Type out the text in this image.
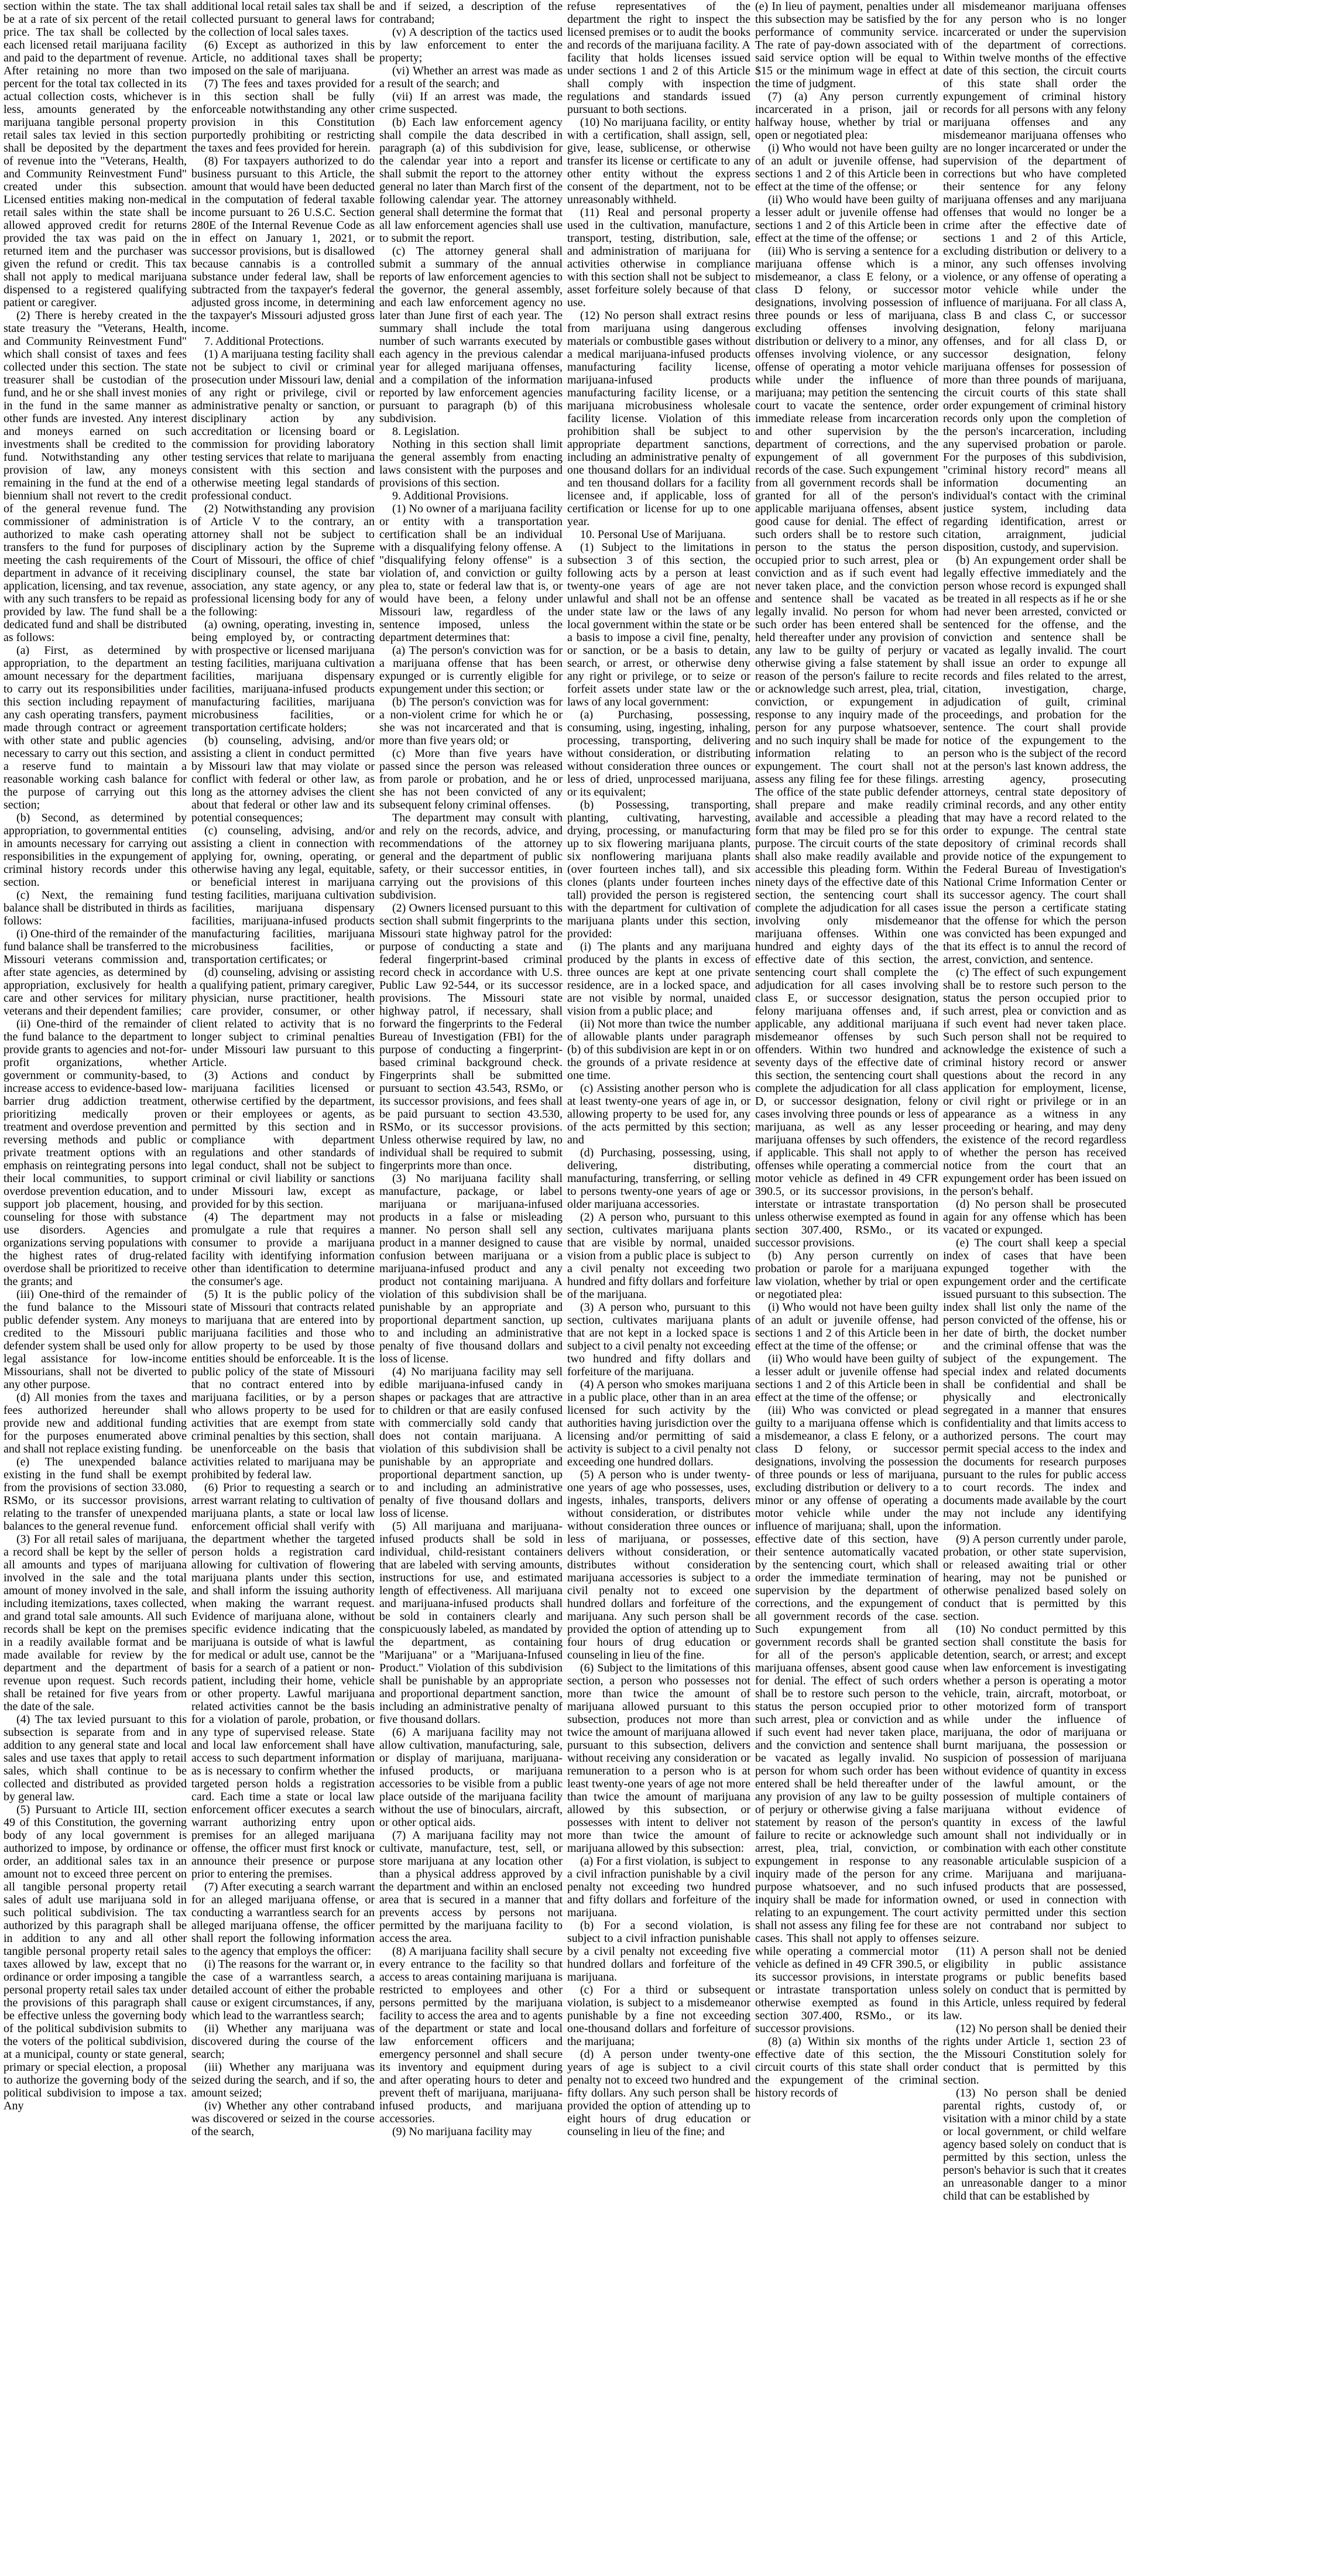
section within the state. The tax shall be at a rate of six percent of the retail price. The tax shall be collected by each licensed retail marijuana facility and paid to the department of revenue. After retaining no more than two percent for the total tax collected in its actual collection costs, whichever is less, amounts generated by the marijuana tangible personal property retail sales tax levied in this section shall be deposited by the department of revenue into the "Veterans, Health, and Community Reinvestment Fund" created under this subsection. Licensed entities making non-medical retail sales within the state shall be allowed approved credit for returns provided the tax was paid on the returned item and the purchaser was given the refund or credit. This tax shall not apply to medical marijuana dispensed to a registered qualifying patient or caregiver.

(2) There is hereby created in the state treasury the "Veterans, Health, and Community Reinvestment Fund" which shall consist of taxes and fees collected under this section. The state treasurer shall be custodian of the fund, and he or she shall invest monies in the fund in the same manner as other funds are invested. Any interest and moneys earned on such investments shall be credited to the fund. Notwithstanding any other provision of law, any moneys remaining in the fund at the end of a biennium shall not revert to the credit of the general revenue fund. The commissioner of administration is authorized to make cash operating transfers to the fund for purposes of meeting the cash requirements of the department in advance of it receiving application, licensing, and tax revenue, with any such transfers to be repaid as provided by law. The fund shall be a dedicated fund and shall be distributed as follows:

(a) First, as determined by appropriation, to the department an amount necessary for the department to carry out its responsibilities under this section including repayment of any cash operating transfers, payment made through contract or agreement with other state and public agencies necessary to carry out this section, and a reserve fund to maintain a reasonable working cash balance for the purpose of carrying out this section;

(b) Second, as determined by appropriation, to governmental entities in amounts necessary for carrying out responsibilities in the expungement of criminal history records under this section.

(c) Next, the remaining fund balance shall be distributed in thirds as follows:

(i) One-third of the remainder of the fund balance shall be transferred to the Missouri veterans commission and, after state agencies, as determined by appropriation, exclusively for health care and other services for military veterans and their dependent families;

(ii) One-third of the remainder of the fund balance to the department to provide grants to agencies and not-for-profit organizations, whether government or community-based, to increase access to evidence-based low-barrier drug addiction treatment, prioritizing medically proven treatment and overdose prevention and reversing methods and public or private treatment options with an emphasis on reintegrating persons into their local communities, to support overdose prevention education, and to support job placement, housing, and counseling for those with substance use disorders. Agencies and organizations serving populations with the highest rates of drug-related overdose shall be prioritized to receive the grants; and

(iii) One-third of the remainder of the fund balance to the Missouri public defender system. Any moneys credited to the Missouri public defender system shall be used only for legal assistance for low-income Missourians, shall not be diverted to any other purpose.

(d) All monies from the taxes and fees authorized hereunder shall provide new and additional funding for the purposes enumerated above and shall not replace existing funding.

(e) The unexpended balance existing in the fund shall be exempt from the provisions of section 33.080, RSMo, or its successor provisions, relating to the transfer of unexpended balances to the general revenue fund.

(3) For all retail sales of marijuana, a record shall be kept by the seller of all amounts and types of marijuana involved in the sale and the total amount of money involved in the sale, including itemizations, taxes collected, and grand total sale amounts. All such records shall be kept on the premises in a readily available format and be made available for review by the department and the department of revenue upon request. Such records shall be retained for five years from the date of the sale.

(4) The tax levied pursuant to this subsection is separate from and in addition to any general state and local sales and use taxes that apply to retail sales, which shall continue to be collected and distributed as provided by general law.

(5) Pursuant to Article III, section 49 of this Constitution, the governing body of any local government is authorized to impose, by ordinance or order, an additional sales tax in an amount not to exceed three percent on all tangible personal property retail sales of adult use marijuana sold in such political subdivision. The tax authorized by this paragraph shall be in addition to any and all other tangible personal property retail sales taxes allowed by law, except that no ordinance or order imposing a tangible personal property retail sales tax under the provisions of this paragraph shall be effective unless the governing body of the political subdivision submits to the voters of the political subdivision, at a municipal, county or state general, primary or special election, a proposal to authorize the governing body of the political subdivision to impose a tax. Any

additional local retail sales tax shall be collected pursuant to general laws for the collection of local sales taxes.

(6) Except as authorized in this Article, no additional taxes shall be imposed on the sale of marijuana.

(7) The fees and taxes provided for in this section shall be fully enforceable notwithstanding any other provision in this Constitution purportedly prohibiting or restricting the taxes and fees provided for herein.

(8) For taxpayers authorized to do business pursuant to this Article, the amount that would have been deducted in the computation of federal taxable income pursuant to 26 U.S.C. Section 280E of the Internal Revenue Code as in effect on January 1, 2021, or successor provisions, but is disallowed because cannabis is a controlled substance under federal law, shall be subtracted from the taxpayer's federal adjusted gross income, in determining the taxpayer's Missouri adjusted gross income.

7. Additional Protections.

(1) A marijuana testing facility shall not be subject to civil or criminal prosecution under Missouri law, denial of any right or privilege, civil or administrative penalty or sanction, or disciplinary action by any accreditation or licensing board or commission for providing laboratory testing services that relate to marijuana consistent with this section and otherwise meeting legal standards of professional conduct.

(2) Notwithstanding any provision of Article V to the contrary, an attorney shall not be subject to disciplinary action by the Supreme Court of Missouri, the office of chief disciplinary counsel, the state bar association, any state agency, or any professional licensing body for any of the following:

(a) owning, operating, investing in, being employed by, or contracting with prospective or licensed marijuana testing facilities, marijuana cultivation facilities, marijuana dispensary facilities, marijuana-infused products manufacturing facilities, marijuana microbusiness facilities, or transportation certificate holders;

(b) counseling, advising, and/or assisting a client in conduct permitted by Missouri law that may violate or conflict with federal or other law, as long as the attorney advises the client about that federal or other law and its potential consequences;

(c) counseling, advising, and/or assisting a client in connection with applying for, owning, operating, or otherwise having any legal, equitable, or beneficial interest in marijuana testing facilities, marijuana cultivation facilities, marijuana dispensary facilities, marijuana-infused products manufacturing facilities, marijuana microbusiness facilities, or transportation certificates; or

(d) counseling, advising or assisting a qualifying patient, primary caregiver, physician, nurse practitioner, health care provider, consumer, or other client related to activity that is no longer subject to criminal penalties under Missouri law pursuant to this Article.

(3) Actions and conduct by marijuana facilities licensed or otherwise certified by the department, or their employees or agents, as permitted by this section and in compliance with department regulations and other standards of legal conduct, shall not be subject to criminal or civil liability or sanctions under Missouri law, except as provided for by this section.

(4) The department may not promulgate a rule that requires a consumer to provide a marijuana facility with identifying information other than identification to determine the consumer's age.

(5) It is the public policy of the state of Missouri that contracts related to marijuana that are entered into by marijuana facilities and those who allow property to be used by those entities should be enforceable. It is the public policy of the state of Missouri that no contract entered into by marijuana facilities, or by a person who allows property to be used for activities that are exempt from state criminal penalties by this section, shall be unenforceable on the basis that activities related to marijuana may be prohibited by federal law.

(6) Prior to requesting a search or arrest warrant relating to cultivation of marijuana plants, a state or local law enforcement official shall verify with the department whether the targeted person holds a registration card allowing for cultivation of flowering marijuana plants under this section, and shall inform the issuing authority when making the warrant request. Evidence of marijuana alone, without specific evidence indicating that the marijuana is outside of what is lawful for medical or adult use, cannot be the basis for a search of a patient or non-patient, including their home, vehicle or other property. Lawful marijuana related activities cannot be the basis for a violation of parole, probation, or any type of supervised release. State and local law enforcement shall have access to such department information as is necessary to confirm whether the targeted person holds a registration card. Each time a state or local law enforcement officer executes a search warrant authorizing entry upon premises for an alleged marijuana offense, the officer must first knock or announce their presence or purpose prior to entering the premises.

(7) After executing a search warrant for an alleged marijuana offense, or conducting a warrantless search for an alleged marijuana offense, the officer shall report the following information to the agency that employs the officer:

(i) The reasons for the warrant or, in the case of a warrantless search, a detailed account of either the probable cause or exigent circumstances, if any, which lead to the warrantless search;

(ii) Whether any marijuana was discovered during the course of the search;

(iii) Whether any marijuana was seized during the search, and if so, the amount seized;

(iv) Whether any other contraband was discovered or seized in the course of the search,

and if seized, a description of the contraband;

(v) A description of the tactics used by law enforcement to enter the property;

(vi) Whether an arrest was made as a result of the search; and

(vii) If an arrest was made, the crime suspected.

(b) Each law enforcement agency shall compile the data described in paragraph (a) of this subdivision for the calendar year into a report and shall submit the report to the attorney general no later than March first of the following calendar year. The attorney general shall determine the format that all law enforcement agencies shall use to submit the report.

(c) The attorney general shall submit a summary of the annual reports of law enforcement agencies to the governor, the general assembly, and each law enforcement agency no later than June first of each year. The summary shall include the total number of such warrants executed by each agency in the previous calendar year for alleged marijuana offenses, and a compilation of the information reported by law enforcement agencies pursuant to paragraph (b) of this subdivision.

8. Legislation.

Nothing in this section shall limit the general assembly from enacting laws consistent with the purposes and provisions of this section.

9. Additional Provisions.

(1) No owner of a marijuana facility or entity with a transportation certification shall be an individual with a disqualifying felony offense. A "disqualifying felony offense" is a violation of, and conviction or guilty plea to, state or federal law that is, or would have been, a felony under Missouri law, regardless of the sentence imposed, unless the department determines that:

(a) The person's conviction was for a marijuana offense that has been expunged or is currently eligible for expungement under this section; or

(b) The person's conviction was for a non-violent crime for which he or she was not incarcerated and that is more than five years old; or

(c) More than five years have passed since the person was released from parole or probation, and he or she has not been convicted of any subsequent felony criminal offenses.

The department may consult with and rely on the records, advice, and recommendations of the attorney general and the department of public safety, or their successor entities, in carrying out the provisions of this subdivision.

(2) Owners licensed pursuant to this section shall submit fingerprints to the Missouri state highway patrol for the purpose of conducting a state and federal fingerprint-based criminal record check in accordance with U.S. Public Law 92-544, or its successor provisions. The Missouri state highway patrol, if necessary, shall forward the fingerprints to the Federal Bureau of Investigation (FBI) for the purpose of conducting a fingerprint-based criminal background check. Fingerprints shall be submitted pursuant to section 43.543, RSMo, or its successor provisions, and fees shall be paid pursuant to section 43.530, RSMo, or its successor provisions. Unless otherwise required by law, no individual shall be required to submit fingerprints more than once.

(3) No marijuana facility shall manufacture, package, or label marijuana or marijuana-infused products in a false or misleading manner. No person shall sell any product in a manner designed to cause confusion between marijuana or a marijuana-infused product and any product not containing marijuana. A violation of this subdivision shall be punishable by an appropriate and proportional department sanction, up to and including an administrative penalty of five thousand dollars and loss of license.

(4) No marijuana facility may sell edible marijuana-infused candy in shapes or packages that are attractive to children or that are easily confused with commercially sold candy that does not contain marijuana. A violation of this subdivision shall be punishable by an appropriate and proportional department sanction, up to and including an administrative penalty of five thousand dollars and loss of license.

(5) All marijuana and marijuana-infused products shall be sold in individual, child-resistant containers that are labeled with serving amounts, instructions for use, and estimated length of effectiveness. All marijuana and marijuana-infused products shall be sold in containers clearly and conspicuously labeled, as mandated by the department, as containing "Marijuana" or a "Marijuana-Infused Product." Violation of this subdivision shall be punishable by an appropriate and proportional department sanction, including an administrative penalty of five thousand dollars.

(6) A marijuana facility may not allow cultivation, manufacturing, sale, or display of marijuana, marijuana-infused products, or marijuana accessories to be visible from a public place outside of the marijuana facility without the use of binoculars, aircraft, or other optical aids.

(7) A marijuana facility may not cultivate, manufacture, test, sell, or store marijuana at any location other than a physical address approved by the department and within an enclosed area that is secured in a manner that prevents access by persons not permitted by the marijuana facility to access the area.

(8) A marijuana facility shall secure every entrance to the facility so that access to areas containing marijuana is restricted to employees and other persons permitted by the marijuana facility to access the area and to agents of the department or state and local law enforcement officers and emergency personnel and shall secure its inventory and equipment during and after operating hours to deter and prevent theft of marijuana, marijuana-infused products, and marijuana accessories.

(9) No marijuana facility may

refuse representatives of the department the right to inspect the licensed premises or to audit the books and records of the marijuana facility. A facility that holds licenses issued under sections 1 and 2 of this Article shall comply with inspection regulations and standards issued pursuant to both sections.

(10) No marijuana facility, or entity with a certification, shall assign, sell, give, lease, sublicense, or otherwise transfer its license or certificate to any other entity without the express consent of the department, not to be unreasonably withheld.

(11) Real and personal property used in the cultivation, manufacture, transport, testing, distribution, sale, and administration of marijuana for activities otherwise in compliance with this section shall not be subject to asset forfeiture solely because of that use.

(12) No person shall extract resins from marijuana using dangerous materials or combustible gases without a medical marijuana-infused products manufacturing facility license, marijuana-infused products manufacturing facility license, or a marijuana microbusiness wholesale facility license. Violation of this prohibition shall be subject to appropriate department sanctions, including an administrative penalty of one thousand dollars for an individual and ten thousand dollars for a facility licensee and, if applicable, loss of certification or license for up to one year.

10. Personal Use of Marijuana.

(1) Subject to the limitations in subsection 3 of this section, the following acts by a person at least twenty-one years of age are not unlawful and shall not be an offense under state law or the laws of any local government within the state or be a basis to impose a civil fine, penalty, or sanction, or be a basis to detain, search, or arrest, or otherwise deny any right or privilege, or to seize or forfeit assets under state law or the laws of any local government:

(a) Purchasing, possessing, consuming, using, ingesting, inhaling, processing, transporting, delivering without consideration, or distributing without consideration three ounces or less of dried, unprocessed marijuana, or its equivalent;

(b) Possessing, transporting, planting, cultivating, harvesting, drying, processing, or manufacturing up to six flowering marijuana plants, six nonflowering marijuana plants (over fourteen inches tall), and six clones (plants under fourteen inches tall) provided the person is registered with the department for cultivation of marijuana plants under this section, provided:

(i) The plants and any marijuana produced by the plants in excess of three ounces are kept at one private residence, are in a locked space, and are not visible by normal, unaided vision from a public place; and

(ii) Not more than twice the number of allowable plants under paragraph (b) of this subdivision are kept in or on the grounds of a private residence at one time.

(c) Assisting another person who is at least twenty-one years of age in, or allowing property to be used for, any of the acts permitted by this section; and

(d) Purchasing, possessing, using, delivering, distributing, manufacturing, transferring, or selling to persons twenty-one years of age or older marijuana accessories.

(2) A person who, pursuant to this section, cultivates marijuana plants that are visible by normal, unaided vision from a public place is subject to a civil penalty not exceeding two hundred and fifty dollars and forfeiture of the marijuana.

(3) A person who, pursuant to this section, cultivates marijuana plants that are not kept in a locked space is subject to a civil penalty not exceeding two hundred and fifty dollars and forfeiture of the marijuana.

(4) A person who smokes marijuana in a public place, other than in an area licensed for such activity by the authorities having jurisdiction over the licensing and/or permitting of said activity is subject to a civil penalty not exceeding one hundred dollars.

(5) A person who is under twenty-one years of age who possesses, uses, ingests, inhales, transports, delivers without consideration, or distributes without consideration three ounces or less of marijuana, or possesses, delivers without consideration, or distributes without consideration marijuana accessories is subject to a civil penalty not to exceed one hundred dollars and forfeiture of the marijuana. Any such person shall be provided the option of attending up to four hours of drug education or counseling in lieu of the fine.

(6) Subject to the limitations of this section, a person who possesses not more than twice the amount of marijuana allowed pursuant to this subsection, produces not more than twice the amount of marijuana allowed pursuant to this subsection, delivers without receiving any consideration or remuneration to a person who is at least twenty-one years of age not more than twice the amount of marijuana allowed by this subsection, or possesses with intent to deliver not more than twice the amount of marijuana allowed by this subsection:

(a) For a first violation, is subject to a civil infraction punishable by a civil penalty not exceeding two hundred and fifty dollars and forfeiture of the marijuana.

(b) For a second violation, is subject to a civil infraction punishable by a civil penalty not exceeding five hundred dollars and forfeiture of the marijuana.

(c) For a third or subsequent violation, is subject to a misdemeanor punishable by a fine not exceeding one-thousand dollars and forfeiture of the marijuana;

(d) A person under twenty-one years of age is subject to a civil penalty not to exceed two hundred and fifty dollars. Any such person shall be provided the option of attending up to eight hours of drug education or counseling in lieu of the fine; and

(e) In lieu of payment, penalties under this subsection may be satisfied by the performance of community service. The rate of pay-down associated with said service option will be equal to $15 or the minimum wage in effect at the time of judgment.

(7) (a) Any person currently incarcerated in a prison, jail or halfway house, whether by trial or open or negotiated plea:

(i) Who would not have been guilty of an adult or juvenile offense, had sections 1 and 2 of this Article been in effect at the time of the offense; or

(ii) Who would have been guilty of a lesser adult or juvenile offense had sections 1 and 2 of this Article been in effect at the time of the offense; or

(iii) Who is serving a sentence for a marijuana offense which is a misdemeanor, a class E felony, or a class D felony, or successor designations, involving possession of three pounds or less of marijuana, excluding offenses involving distribution or delivery to a minor, any offenses involving violence, or any offense of operating a motor vehicle while under the influence of marijuana; may petition the sentencing court to vacate the sentence, order immediate release from incarceration and other supervision by the department of corrections, and the expungement of all government records of the case. Such expungement from all government records shall be granted for all of the person's applicable marijuana offenses, absent good cause for denial. The effect of such orders shall be to restore such person to the status the person occupied prior to such arrest, plea or conviction and as if such event had never taken place, and the conviction and sentence shall be vacated as legally invalid. No person for whom such order has been entered shall be held thereafter under any provision of any law to be guilty of perjury or otherwise giving a false statement by reason of the person's failure to recite or acknowledge such arrest, plea, trial, conviction, or expungement in response to any inquiry made of the person for any purpose whatsoever, and no such inquiry shall be made for information relating to an expungement. The court shall not assess any filing fee for these filings. The office of the state public defender shall prepare and make readily available and accessible a pleading form that may be filed pro se for this purpose. The circuit courts of the state shall also make readily available and accessible this pleading form. Within ninety days of the effective date of this section, the sentencing court shall complete the adjudication for all cases involving only misdemeanor marijuana offenses. Within one hundred and eighty days of the effective date of this section, the sentencing court shall complete the adjudication for all cases involving class E, or successor designation, felony marijuana offenses and, if applicable, any additional marijuana misdemeanor offenses by such offenders. Within two hundred and seventy days of the effective date of this section, the sentencing court shall complete the adjudication for all class D, or successor designation, felony cases involving three pounds or less of marijuana, as well as any lesser marijuana offenses by such offenders, if applicable. This shall not apply to offenses while operating a commercial motor vehicle as defined in 49 CFR 390.5, or its successor provisions, in interstate or intrastate transportation unless otherwise exempted as found in section 307.400, RSMo., or its successor provisions.

(b) Any person currently on probation or parole for a marijuana law violation, whether by trial or open or negotiated plea:

(i) Who would not have been guilty of an adult or juvenile offense, had sections 1 and 2 of this Article been in effect at the time of the offense; or

(ii) Who would have been guilty of a lesser adult or juvenile offense had sections 1 and 2 of this Article been in effect at the time of the offense; or

(iii) Who was convicted or plead guilty to a marijuana offense which is a misdemeanor, a class E felony, or a class D felony, or successor designations, involving the possession of three pounds or less of marijuana, excluding distribution or delivery to a minor or any offense of operating a motor vehicle while under the influence of marijuana; shall, upon the effective date of this section, have their sentence automatically vacated by the sentencing court, which shall order the immediate termination of supervision by the department of corrections, and the expungement of all government records of the case. Such expungement from all government records shall be granted for all of the person's applicable marijuana offenses, absent good cause for denial. The effect of such orders shall be to restore such person to the status the person occupied prior to such arrest, plea or conviction and as if such event had never taken place, and the conviction and sentence shall be vacated as legally invalid. No person for whom such order has been entered shall be held thereafter under any provision of any law to be guilty of perjury or otherwise giving a false statement by reason of the person's failure to recite or acknowledge such arrest, plea, trial, conviction, or expungement in response to any inquiry made of the person for any purpose whatsoever, and no such inquiry shall be made for information relating to an expungement. The court shall not assess any filing fee for these cases. This shall not apply to offenses while operating a commercial motor vehicle as defined in 49 CFR 390.5, or its successor provisions, in interstate or intrastate transportation unless otherwise exempted as found in section 307.400, RSMo., or its successor provisions.

(8) (a) Within six months of the effective date of this section, the circuit courts of this state shall order the expungement of the criminal history records of

all misdemeanor marijuana offenses for any person who is no longer incarcerated or under the supervision of the department of corrections. Within twelve months of the effective date of this section, the circuit courts of this state shall order the expungement of criminal history records for all persons with any felony marijuana offenses and any misdemeanor marijuana offenses who are no longer incarcerated or under the supervision of the department of corrections but who have completed their sentence for any felony marijuana offenses and any marijuana offenses that would no longer be a crime after the effective date of sections 1 and 2 of this Article, excluding distribution or delivery to a minor, any such offenses involving violence, or any offense of operating a motor vehicle while under the influence of marijuana. For all class A, class B and class C, or successor designation, felony marijuana offenses, and for all class D, or successor designation, felony marijuana offenses for possession of more than three pounds of marijuana, the circuit courts of this state shall order expungement of criminal history records only upon the completion of the person's incarceration, including any supervised probation or parole. For the purposes of this subdivision, "criminal history record" means all information documenting an individual's contact with the criminal justice system, including data regarding identification, arrest or citation, arraignment, judicial disposition, custody, and supervision.

(b) An expungement order shall be legally effective immediately and the person whose record is expunged shall be treated in all respects as if he or she had never been arrested, convicted or sentenced for the offense, and the conviction and sentence shall be vacated as legally invalid. The court shall issue an order to expunge all records and files related to the arrest, citation, investigation, charge, adjudication of guilt, criminal proceedings, and probation for the sentence. The court shall provide notice of the expungement to the person who is the subject of the record at the person's last known address, the arresting agency, prosecuting attorneys, central state depository of criminal records, and any other entity that may have a record related to the order to expunge. The central state depository of criminal records shall provide notice of the expungement to the Federal Bureau of Investigation's National Crime Information Center or its successor agency. The court shall issue the person a certificate stating that the offense for which the person was convicted has been expunged and that its effect is to annul the record of arrest, conviction, and sentence.

(c) The effect of such expungement shall be to restore such person to the status the person occupied prior to such arrest, plea or conviction and as if such event had never taken place. Such person shall not be required to acknowledge the existence of such a criminal history record or answer questions about the record in any application for employment, license, or civil right or privilege or in an appearance as a witness in any proceeding or hearing, and may deny the existence of the record regardless of whether the person has received notice from the court that an expungement order has been issued on the person's behalf.

(d) No person shall be prosecuted again for any offense which has been vacated or expunged.

(e) The court shall keep a special index of cases that have been expunged together with the expungement order and the certificate issued pursuant to this subsection. The index shall list only the name of the person convicted of the offense, his or her date of birth, the docket number and the criminal offense that was the subject of the expungement. The special index and related documents shall be confidential and shall be physically and electronically segregated in a manner that ensures confidentiality and that limits access to authorized persons. The court may permit special access to the index and the documents for research purposes pursuant to the rules for public access to court records. The index and documents made available by the court may not include any identifying information.

(9) A person currently under parole, probation, or other state supervision, or released awaiting trial or other hearing, may not be punished or otherwise penalized based solely on conduct that is permitted by this section.

(10) No conduct permitted by this section shall constitute the basis for detention, search, or arrest; and except when law enforcement is investigating whether a person is operating a motor vehicle, train, aircraft, motorboat, or other motorized form of transport while under the influence of marijuana, the odor of marijuana or burnt marijuana, the possession or suspicion of possession of marijuana without evidence of quantity in excess of the lawful amount, or the possession of multiple containers of marijuana without evidence of quantity in excess of the lawful amount shall not individually or in combination with each other constitute reasonable articulable suspicion of a crime. Marijuana and marijuana-infused products that are possessed, owned, or used in connection with activity permitted under this section are not contraband nor subject to seizure.

(11) A person shall not be denied eligibility in public assistance programs or public benefits based solely on conduct that is permitted by this Article, unless required by federal law.

(12) No person shall be denied their rights under Article 1, section 23 of the Missouri Constitution solely for conduct that is permitted by this section.

(13) No person shall be denied parental rights, custody of, or visitation with a minor child by a state or local government, or child welfare agency based solely on conduct that is permitted by this section, unless the person's behavior is such that it creates an unreasonable danger to a minor child that can be established by
